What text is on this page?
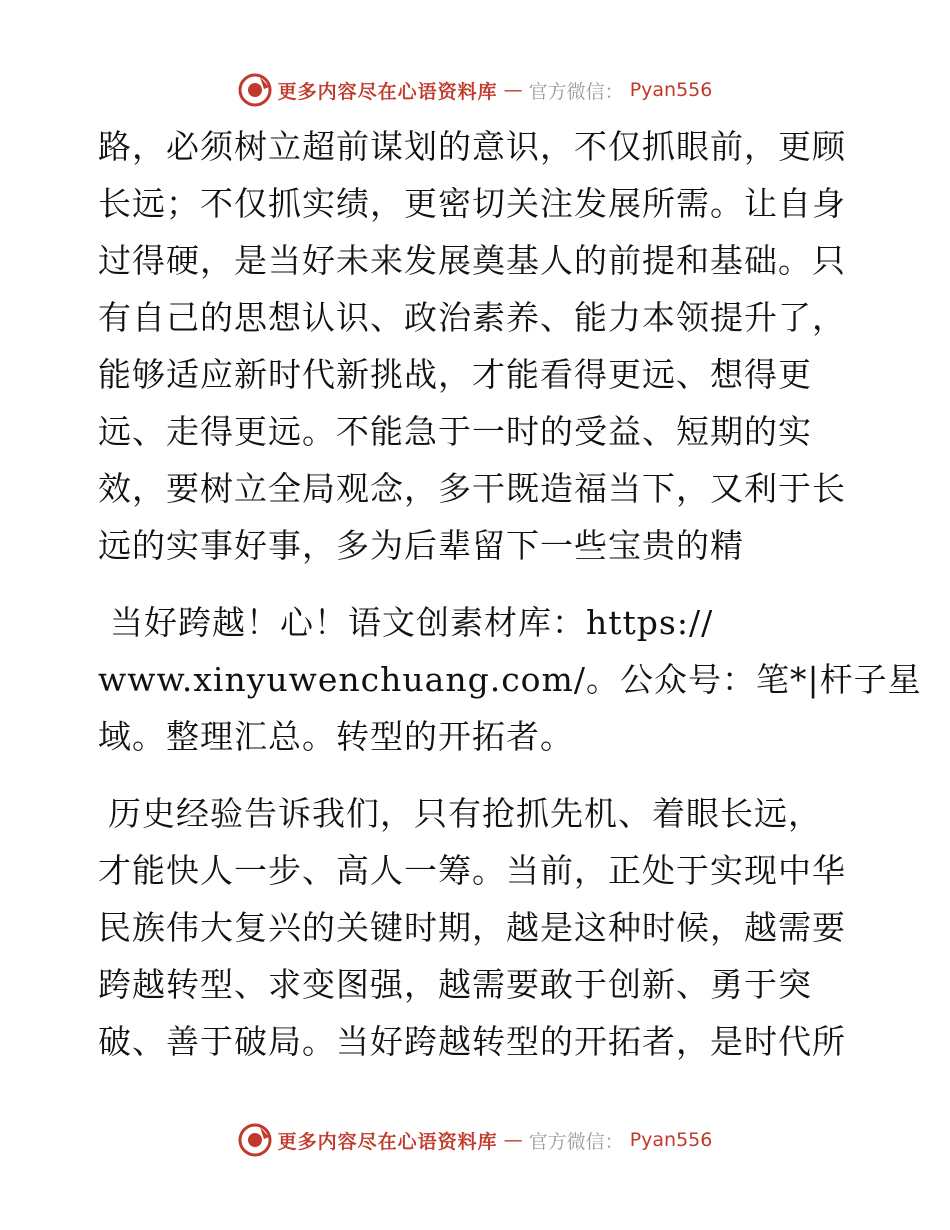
更多内容尽在心语资料库 — 官方微信： Pyan556

路，必须树立超前谋划的意识，不仅抓眼前，更顾
长远；不仅抓实绩，更密切关注发展所需。让自身
过得硬，是当好未来发展奠基人的前提和基础。只
有自己的思想认识、政治素养、能力本领提升了，
能够适应新时代新挑战，才能看得更远、想得更
远、走得更远。不能急于一时的受益、短期的实
效，要树立全局观念，多干既造福当下，又利于长
远的实事好事，多为后辈留下一些宝贵的精

当好跨越！心！语文创素材库：https://
www.xinyuwenchuang.com/。公众号：笔*|杆子星
域。整理汇总。转型的开拓者。

历史经验告诉我们，只有抢抓先机、着眼长远，
才能快人一步、高人一筹。当前，正处于实现中华
民族伟大复兴的关键时期，越是这种时候，越需要
跨越转型、求变图强，越需要敢于创新、勇于突
破、善于破局。当好跨越转型的开拓者，是时代所

更多内容尽在心语资料库 — 官方微信： Pyan556
